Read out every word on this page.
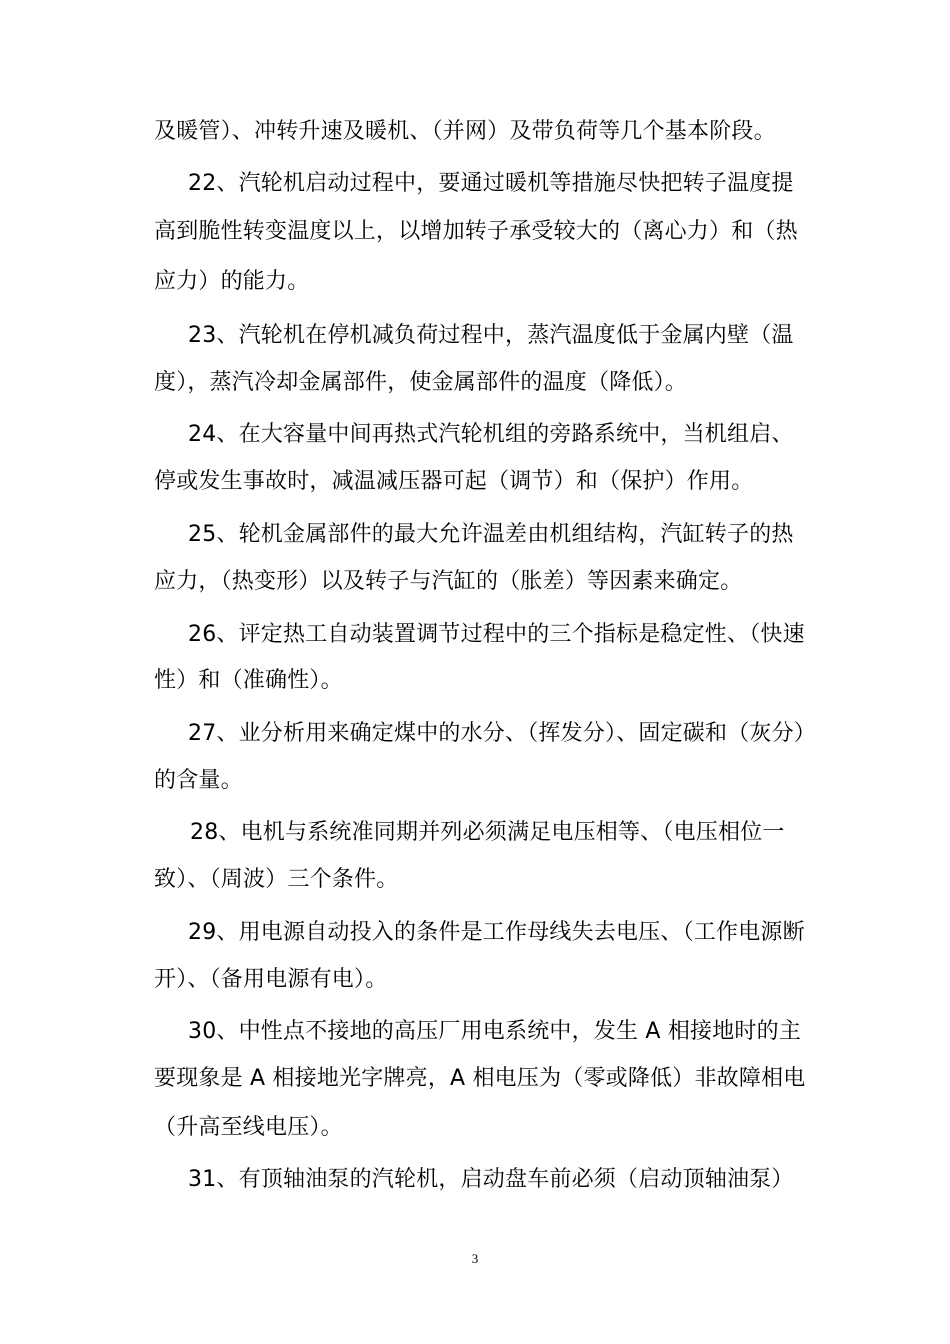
及暖管）、冲转升速及暖机、（并网）及带负荷等几个基本阶段。
22、汽轮机启动过程中，要通过暖机等措施尽快把转子温度提
高到脆性转变温度以上，以增加转子承受较大的（离心力）和（热
应力）的能力。
23、汽轮机在停机减负荷过程中，蒸汽温度低于金属内壁（温
度），蒸汽冷却金属部件，使金属部件的温度（降低）。
24、在大容量中间再热式汽轮机组的旁路系统中，当机组启、
停或发生事故时，减温减压器可起（调节）和（保护）作用。
25、轮机金属部件的最大允许温差由机组结构，汽缸转子的热
应力，（热变形）以及转子与汽缸的（胀差）等因素来确定。
26、评定热工自动装置调节过程中的三个指标是稳定性、（快速
性）和（准确性）。
27、业分析用来确定煤中的水分、（挥发分）、固定碳和（灰分）
的含量。
28、电机与系统准同期并列必须满足电压相等、（电压相位一
致）、（周波）三个条件。
29、用电源自动投入的条件是工作母线失去电压、（工作电源断
开）、（备用电源有电）。
30、中性点不接地的高压厂用电系统中，发生 A 相接地时的主
要现象是 A 相接地光字牌亮，A 相电压为（零或降低）非故障相电
（升高至线电压）。
31、有顶轴油泵的汽轮机，启动盘车前必须（启动顶轴油泵）
3
